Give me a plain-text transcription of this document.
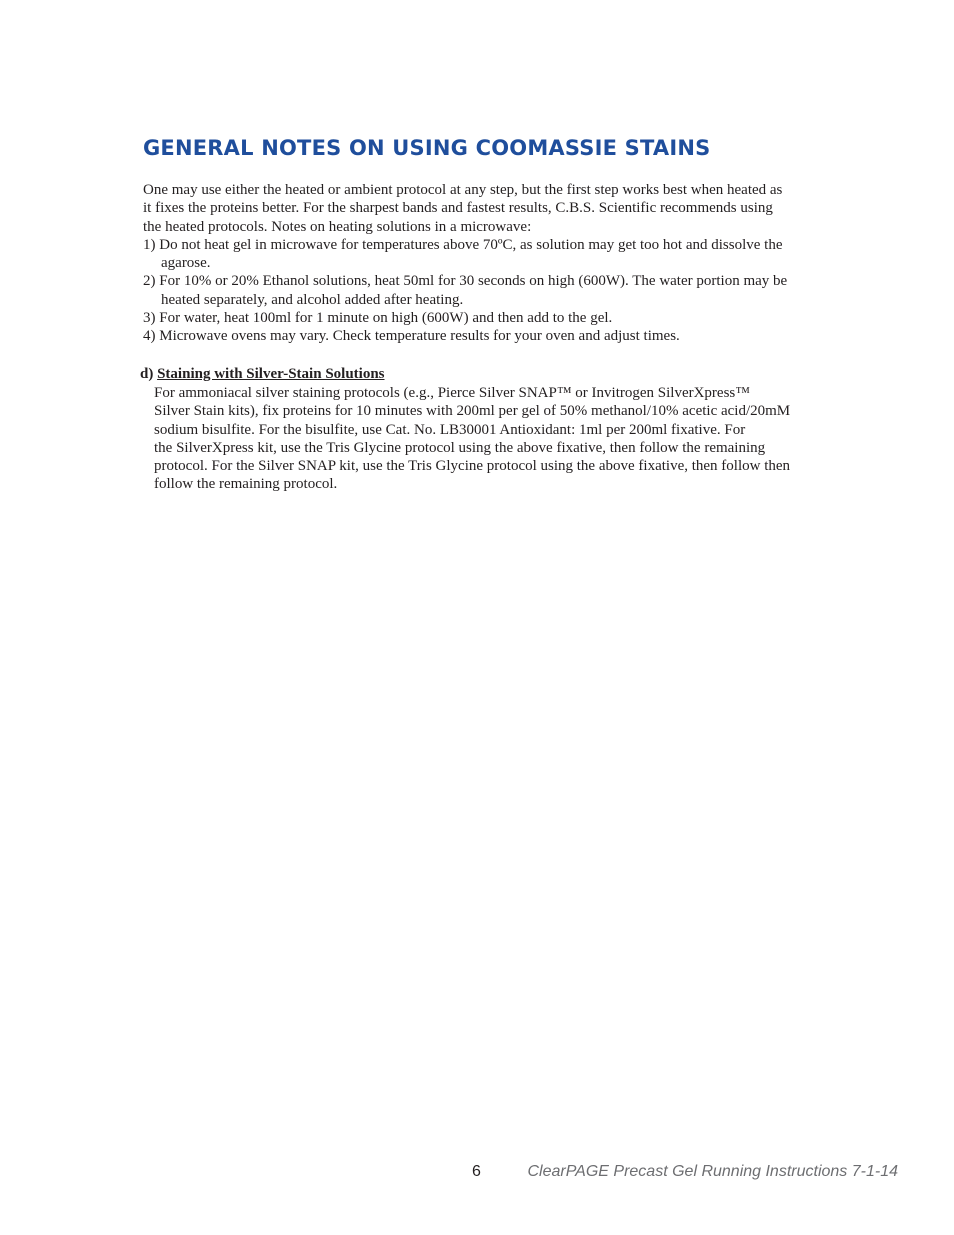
GENERAL NOTES ON USING COOMASSIE STAINS
One may use either the heated or ambient protocol at any step, but the first step works best when heated as
it fixes the proteins better. For the sharpest bands and fastest results, C.B.S. Scientific recommends using
the heated protocols. Notes on heating solutions in a microwave:
1) Do not heat gel in microwave for temperatures above 70ºC, as solution may get too hot and dissolve the
agarose.
2) For 10% or 20% Ethanol solutions, heat 50ml for 30 seconds on high (600W). The water portion may be
heated separately, and alcohol added after heating.
3) For water, heat 100ml for 1 minute on high (600W) and then add to the gel.
4) Microwave ovens may vary. Check temperature results for your oven and adjust times.
d) Staining with Silver-Stain Solutions
For ammoniacal silver staining protocols (e.g., Pierce Silver SNAP™ or Invitrogen SilverXpress™
Silver Stain kits), fix proteins for 10 minutes with 200ml per gel of 50% methanol/10% acetic acid/20mM
sodium bisulfite. For the bisulfite, use Cat. No. LB30001 Antioxidant: 1ml per 200ml fixative. For
the SilverXpress kit, use the Tris Glycine protocol using the above fixative, then follow the remaining
protocol. For the Silver SNAP kit, use the Tris Glycine protocol using the above fixative, then follow then
follow the remaining protocol.
6	ClearPAGE Precast Gel Running Instructions 7-1-14
